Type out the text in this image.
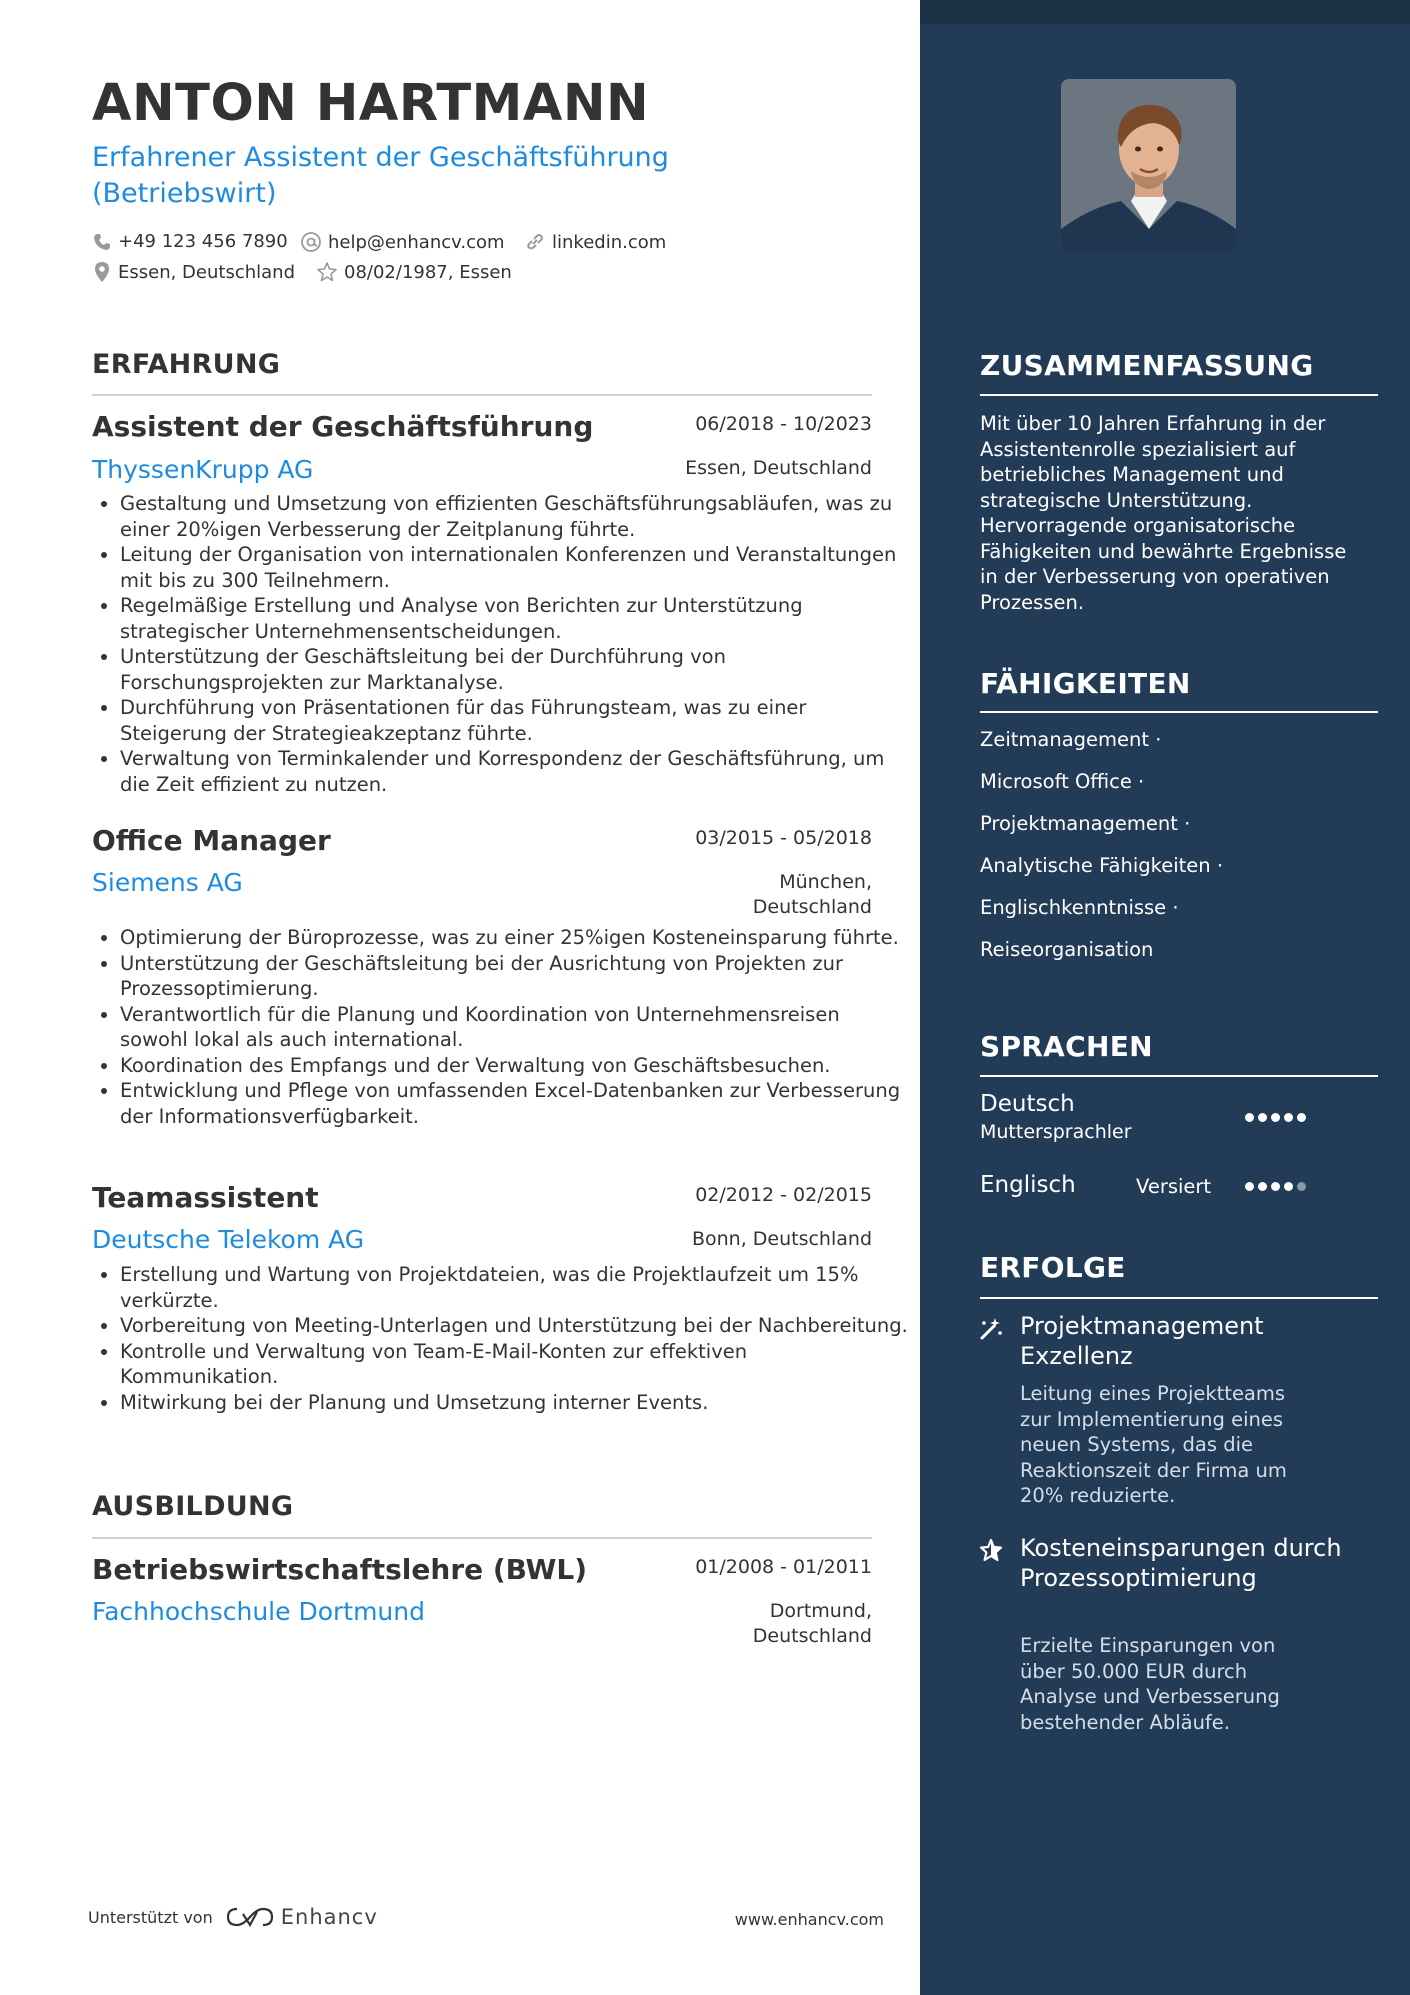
ANTON HARTMANN

Erfahrener Assistent der Geschäftsführung (Betriebswirt)

+49 123 456 7890 help@enhancv.com	linkedin.com
Essen, Deutschland	08/02/1987, Essen
ERFAHRUNG
Assistent der Geschäftsführung	06/2018 - 10/2023
ThyssenKrupp AG	Essen, Deutschland
• Gestaltung und Umsetzung von effizienten Geschäftsführungsabläufen, was zu einer 20%igen Verbesserung der Zeitplanung führte.
• Leitung der Organisation von internationalen Konferenzen und Veranstaltungen mit bis zu 300 Teilnehmern.
• Regelmäßige Erstellung und Analyse von Berichten zur Unterstützung strategischer Unternehmensentscheidungen.
• Unterstützung der Geschäftsleitung bei der Durchführung von Forschungsprojekten zur Marktanalyse.
• Durchführung von Präsentationen für das Führungsteam, was zu einer Steigerung der Strategieakzeptanz führte.
• Verwaltung von Terminkalender und Korrespondenz der Geschäftsführung, um die Zeit effizient zu nutzen.
Office Manager	03/2015 - 05/2018
Siemens AG	München,
Deutschland
• Optimierung der Büroprozesse, was zu einer 25%igen Kosteneinsparung führte.
• Unterstützung der Geschäftsleitung bei der Ausrichtung von Projekten zur Prozessoptimierung.
• Verantwortlich für die Planung und Koordination von Unternehmensreisen sowohl lokal als auch international.
• Koordination des Empfangs und der Verwaltung von Geschäftsbesuchen.
• Entwicklung und Pflege von umfassenden Excel-Datenbanken zur Verbesserung der Informationsverfügbarkeit.
Teamassistent	02/2012 - 02/2015
Deutsche Telekom AG	Bonn, Deutschland
• Erstellung und Wartung von Projektdateien, was die Projektlaufzeit um 15% verkürzte.
• Vorbereitung von Meeting-Unterlagen und Unterstützung bei der Nachbereitung.
• Kontrolle und Verwaltung von Team-E-Mail-Konten zur effektiven Kommunikation.
• Mitwirkung bei der Planung und Umsetzung interner Events.
AUSBILDUNG
Betriebswirtschaftslehre (BWL)	01/2008 - 01/2011
Fachhochschule Dortmund	Dortmund,
Deutschland
Unterstützt von	Enhancv	www.enhancv.com
ZUSAMMENFASSUNG

Mit über 10 Jahren Erfahrung in der Assistentenrolle spezialisiert auf betriebliches Management und strategische Unterstützung. Hervorragende organisatorische Fähigkeiten und bewährte Ergebnisse in der Verbesserung von operativen Prozessen.

FÄHIGKEITEN
Zeitmanagement ·
Microsoft Office ·
Projektmanagement ·
Analytische Fähigkeiten ·
Englischkenntnisse ·
Reiseorganisation
SPRACHEN
Deutsch
Muttersprachler
Englisch	Versiert
ERFOLGE

Projektmanagement Exzellenz

Leitung eines Projektteams zur Implementierung eines neuen Systems, das die Reaktionszeit der Firma um 20% reduzierte.

Kosteneinsparungen durch Prozessoptimierung

Erzielte Einsparungen von über 50.000 EUR durch Analyse und Verbesserung bestehender Abläufe.
